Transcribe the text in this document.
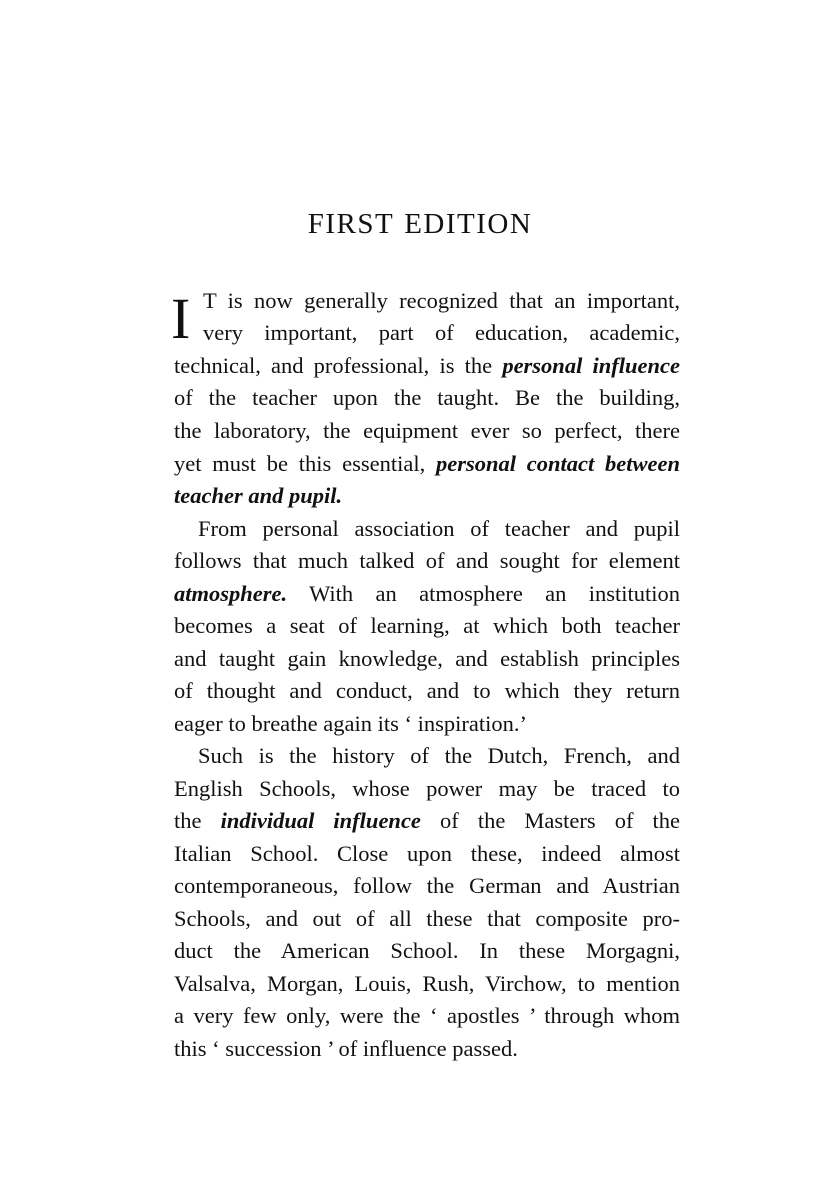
FIRST EDITION
I T is now generally recognized that an important,
very important, part of education, academic,
technical, and professional, is the personal influence
of the teacher upon the taught. Be the building,
the laboratory, the equipment ever so perfect, there
yet must be this essential, personal contact between
teacher and pupil.
From personal association of teacher and pupil
follows that much talked of and sought for element
atmosphere. With an atmosphere an institution
becomes a seat of learning, at which both teacher
and taught gain knowledge, and establish principles
of thought and conduct, and to which they return
eager to breathe again its ‘ inspiration.’
Such is the history of the Dutch, French, and
English Schools, whose power may be traced to
the individual influence of the Masters of the
Italian School. Close upon these, indeed almost
contemporaneous, follow the German and Austrian
Schools, and out of all these that composite pro-
duct the American School. In these Morgagni,
Valsalva, Morgan, Louis, Rush, Virchow, to mention
a very few only, were the ‘ apostles ’ through whom
this ‘ succession ’ of influence passed.
